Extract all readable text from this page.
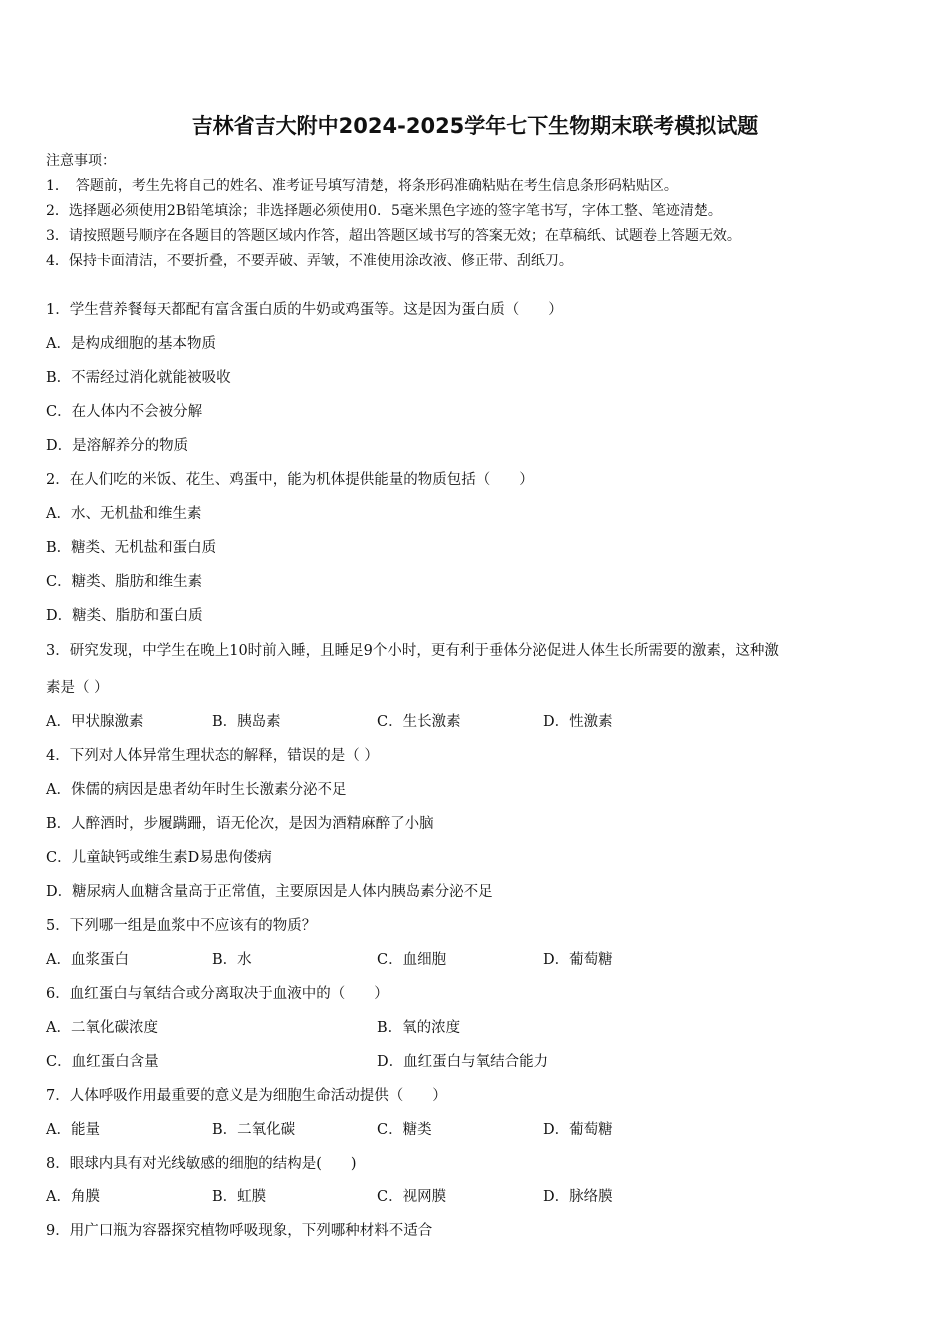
吉林省吉大附中2024-2025学年七下生物期末联考模拟试题
注意事项：
1．　答题前，考生先将自己的姓名、准考证号填写清楚，将条形码准确粘贴在考生信息条形码粘贴区。
2．选择题必须使用2B铅笔填涂；非选择题必须使用0．5毫米黑色字迹的签字笔书写，字体工整、笔迹清楚。
3．请按照题号顺序在各题目的答题区域内作答，超出答题区域书写的答案无效；在草稿纸、试题卷上答题无效。
4．保持卡面清洁，不要折叠，不要弄破、弄皱，不准使用涂改液、修正带、刮纸刀。
1．学生营养餐每天都配有富含蛋白质的牛奶或鸡蛋等。这是因为蛋白质（　　）
A．是构成细胞的基本物质
B．不需经过消化就能被吸收
C．在人体内不会被分解
D．是溶解养分的物质
2．在人们吃的米饭、花生、鸡蛋中，能为机体提供能量的物质包括（　　）
A．水、无机盐和维生素
B．糖类、无机盐和蛋白质
C．糖类、脂肪和维生素
D．糖类、脂肪和蛋白质
3．研究发现，中学生在晚上10时前入睡，且睡足9个小时，更有利于垂体分泌促进人体生长所需要的激素，这种激
素是（ ）
A．甲状腺激素	B．胰岛素	C．生长激素	D．性激素
4．下列对人体异常生理状态的解释，错误的是（ ）
A．侏儒的病因是患者幼年时生长激素分泌不足
B．人醉酒时，步履蹒跚，语无伦次，是因为酒精麻醉了小脑
C．儿童缺钙或维生素D易患佝偻病
D．糖尿病人血糖含量高于正常值，主要原因是人体内胰岛素分泌不足
5．下列哪一组是血浆中不应该有的物质？
A．血浆蛋白	B．水	C．血细胞	D．葡萄糖
6．血红蛋白与氧结合或分离取决于血液中的（　　）
A．二氧化碳浓度	B．氧的浓度
C．血红蛋白含量	D．血红蛋白与氧结合能力
7．人体呼吸作用最重要的意义是为细胞生命活动提供（　　）
A．能量	B．二氧化碳	C．糖类	D．葡萄糖
8．眼球内具有对光线敏感的细胞的结构是(　　)
A．角膜	B．虹膜	C．视网膜	D．脉络膜
9．用广口瓶为容器探究植物呼吸现象，下列哪种材料不适合
